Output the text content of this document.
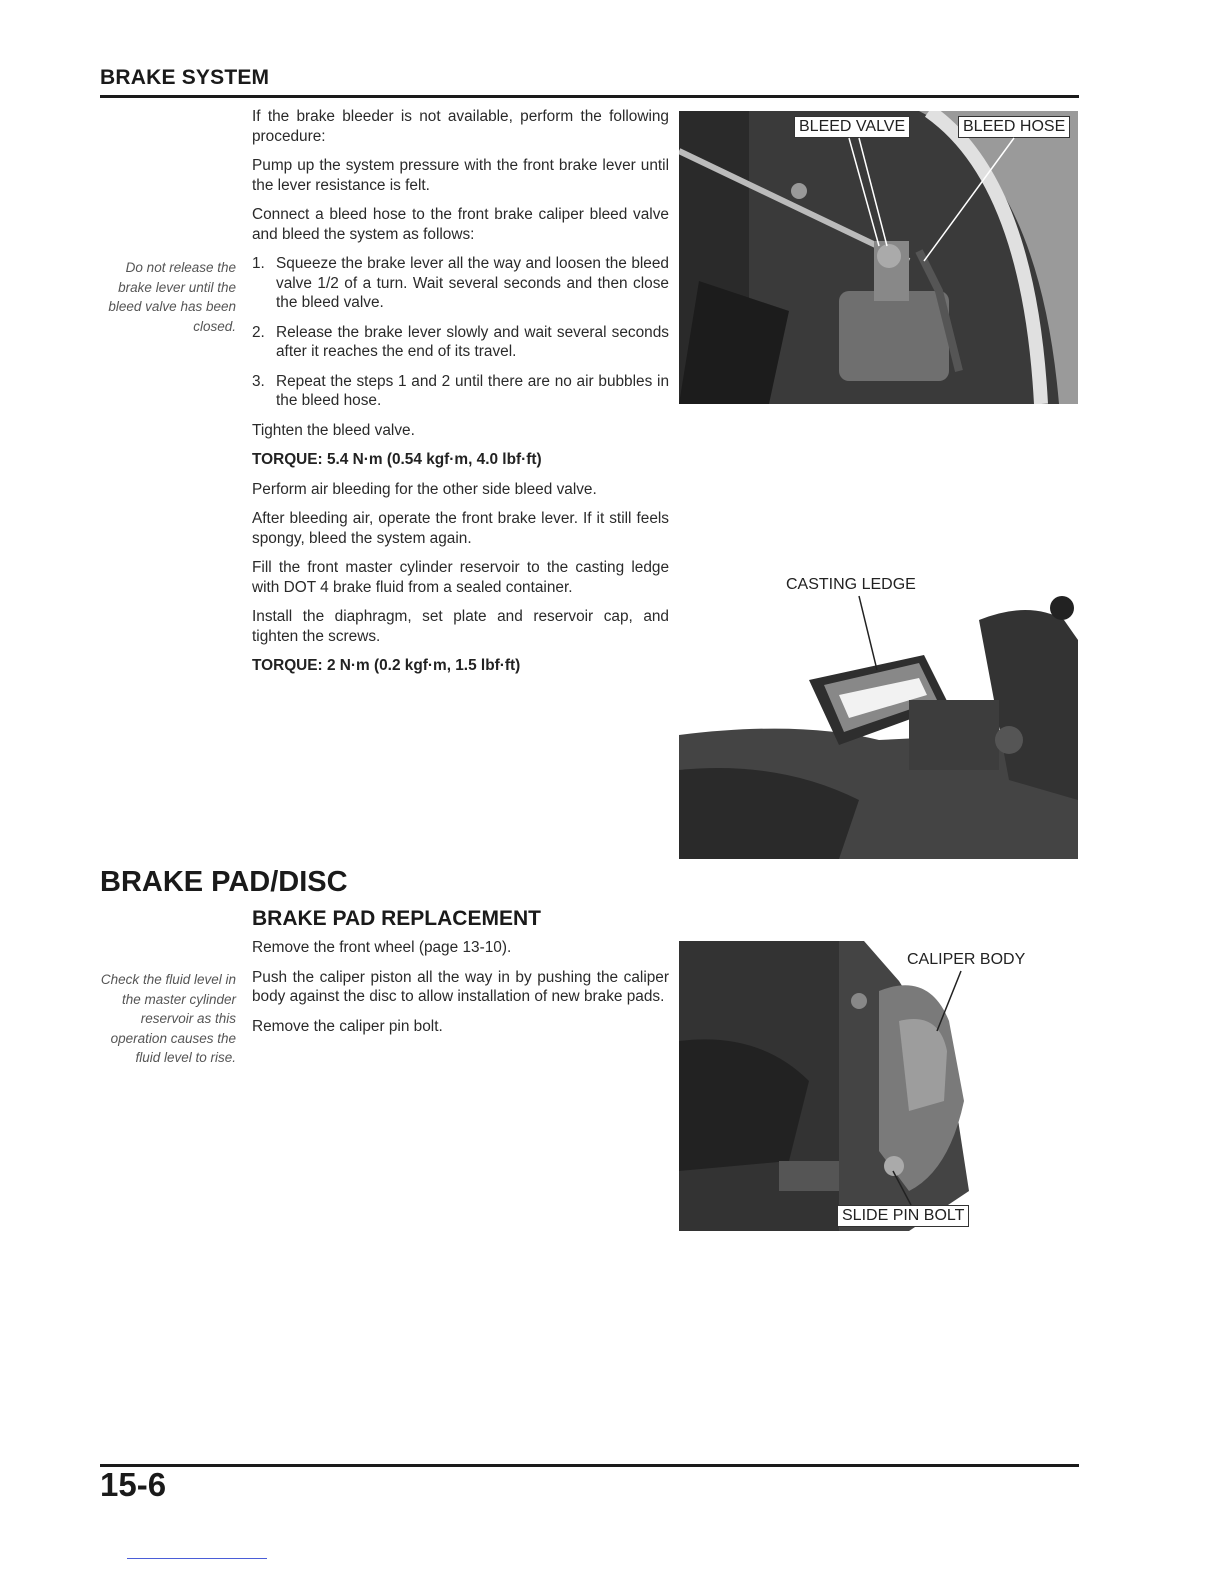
BRAKE SYSTEM
Do not release the brake lever until the bleed valve has been closed.

If the brake bleeder is not available, perform the following procedure:

Pump up the system pressure with the front brake lever until the lever resistance is felt.

Connect a bleed hose to the front brake caliper bleed valve and bleed the system as follows:

1. Squeeze the brake lever all the way and loosen the bleed valve 1/2 of a turn. Wait several seconds and then close the bleed valve.
2. Release the brake lever slowly and wait several seconds after it reaches the end of its travel.
3. Repeat the steps 1 and 2 until there are no air bubbles in the bleed hose.

Tighten the bleed valve.

TORQUE: 5.4 N·m (0.54 kgf·m, 4.0 lbf·ft)

Perform air bleeding for the other side bleed valve.

After bleeding air, operate the front brake lever. If it still feels spongy, bleed the system again.

Fill the front master cylinder reservoir to the casting ledge with DOT 4 brake fluid from a sealed container.

Install the diaphragm, set plate and reservoir cap, and tighten the screws.

TORQUE: 2 N·m (0.2 kgf·m, 1.5 lbf·ft)

BLEED VALVE	BLEED HOSE
CASTING LEDGE
BRAKE PAD/DISC
BRAKE PAD REPLACEMENT
Check the fluid level in the master cylinder reservoir as this operation causes the fluid level to rise.

Remove the front wheel (page 13-10).

Push the caliper piston all the way in by pushing the caliper body against the disc to allow installation of new brake pads.

Remove the caliper pin bolt.

CALIPER BODY
SLIDE PIN BOLT
15-6
